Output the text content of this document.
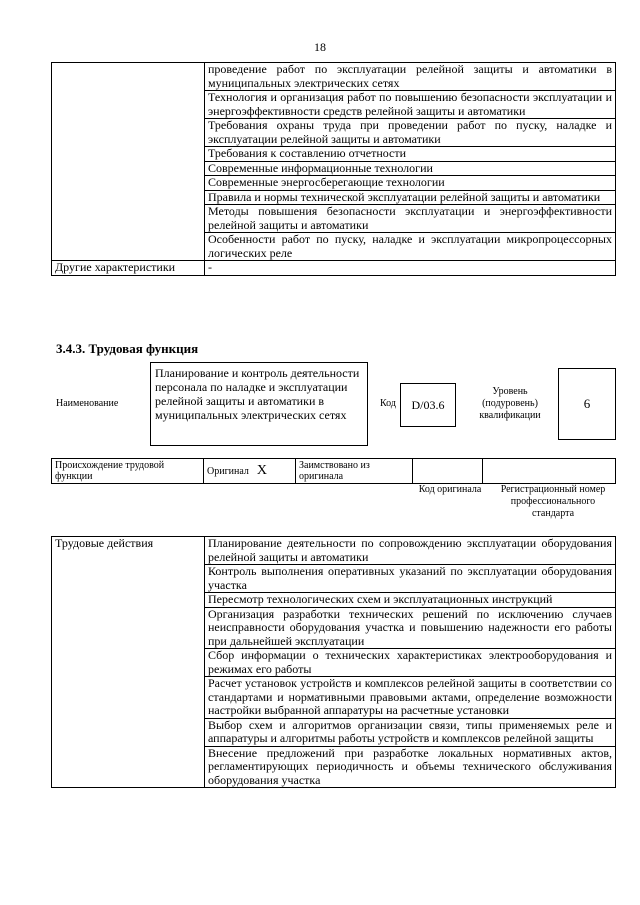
18
	проведение работ по эксплуатации релейной защиты и автоматики в муниципальных электрических сетях
	Технология и организация работ по повышению безопасности эксплуатации и энергоэффективности средств релейной защиты и автоматики
	Требования охраны труда при проведении работ по пуску, наладке и эксплуатации релейной защиты и автоматики
	Требования к составлению отчетности
	Современные информационные технологии
	Современные энергосберегающие технологии
	Правила и нормы технической эксплуатации релейной защиты и автоматики
	Методы повышения безопасности эксплуатации и энергоэффективности релейной защиты и автоматики
	Особенности работ по пуску, наладке и эксплуатации микропроцессорных логических реле
Другие характеристики	-
3.4.3. Трудовая функция
Наименование
Планирование и контроль деятельности персонала по наладке и эксплуатации релейной защиты и автоматики в муниципальных электрических сетях
Код	D/03.6
Уровень (подуровень) квалификации
6
Происхождение трудовой функции	Оригинал X	Заимствовано из оригинала		
Код оригинала	Регистрационный номер профессионального стандарта
Трудовые действия	Планирование деятельности по сопровождению эксплуатации оборудования релейной защиты и автоматики
Контроль выполнения оперативных указаний по эксплуатации оборудования участка
Пересмотр технологических схем и эксплуатационных инструкций
Организация разработки технических решений по исключению случаев неисправности оборудования участка и повышению надежности его работы при дальнейшей эксплуатации
Сбор информации о технических характеристиках электрооборудования и режимах его работы
Расчет установок устройств и комплексов релейной защиты в соответствии со стандартами и нормативными правовыми актами, определение возможности настройки выбранной аппаратуры на расчетные установки
Выбор схем и алгоритмов организации связи, типы применяемых реле и аппаратуры и алгоритмы работы устройств и комплексов релейной защиты
Внесение предложений при разработке локальных нормативных актов, регламентирующих периодичность и объемы технического обслуживания оборудования участка
